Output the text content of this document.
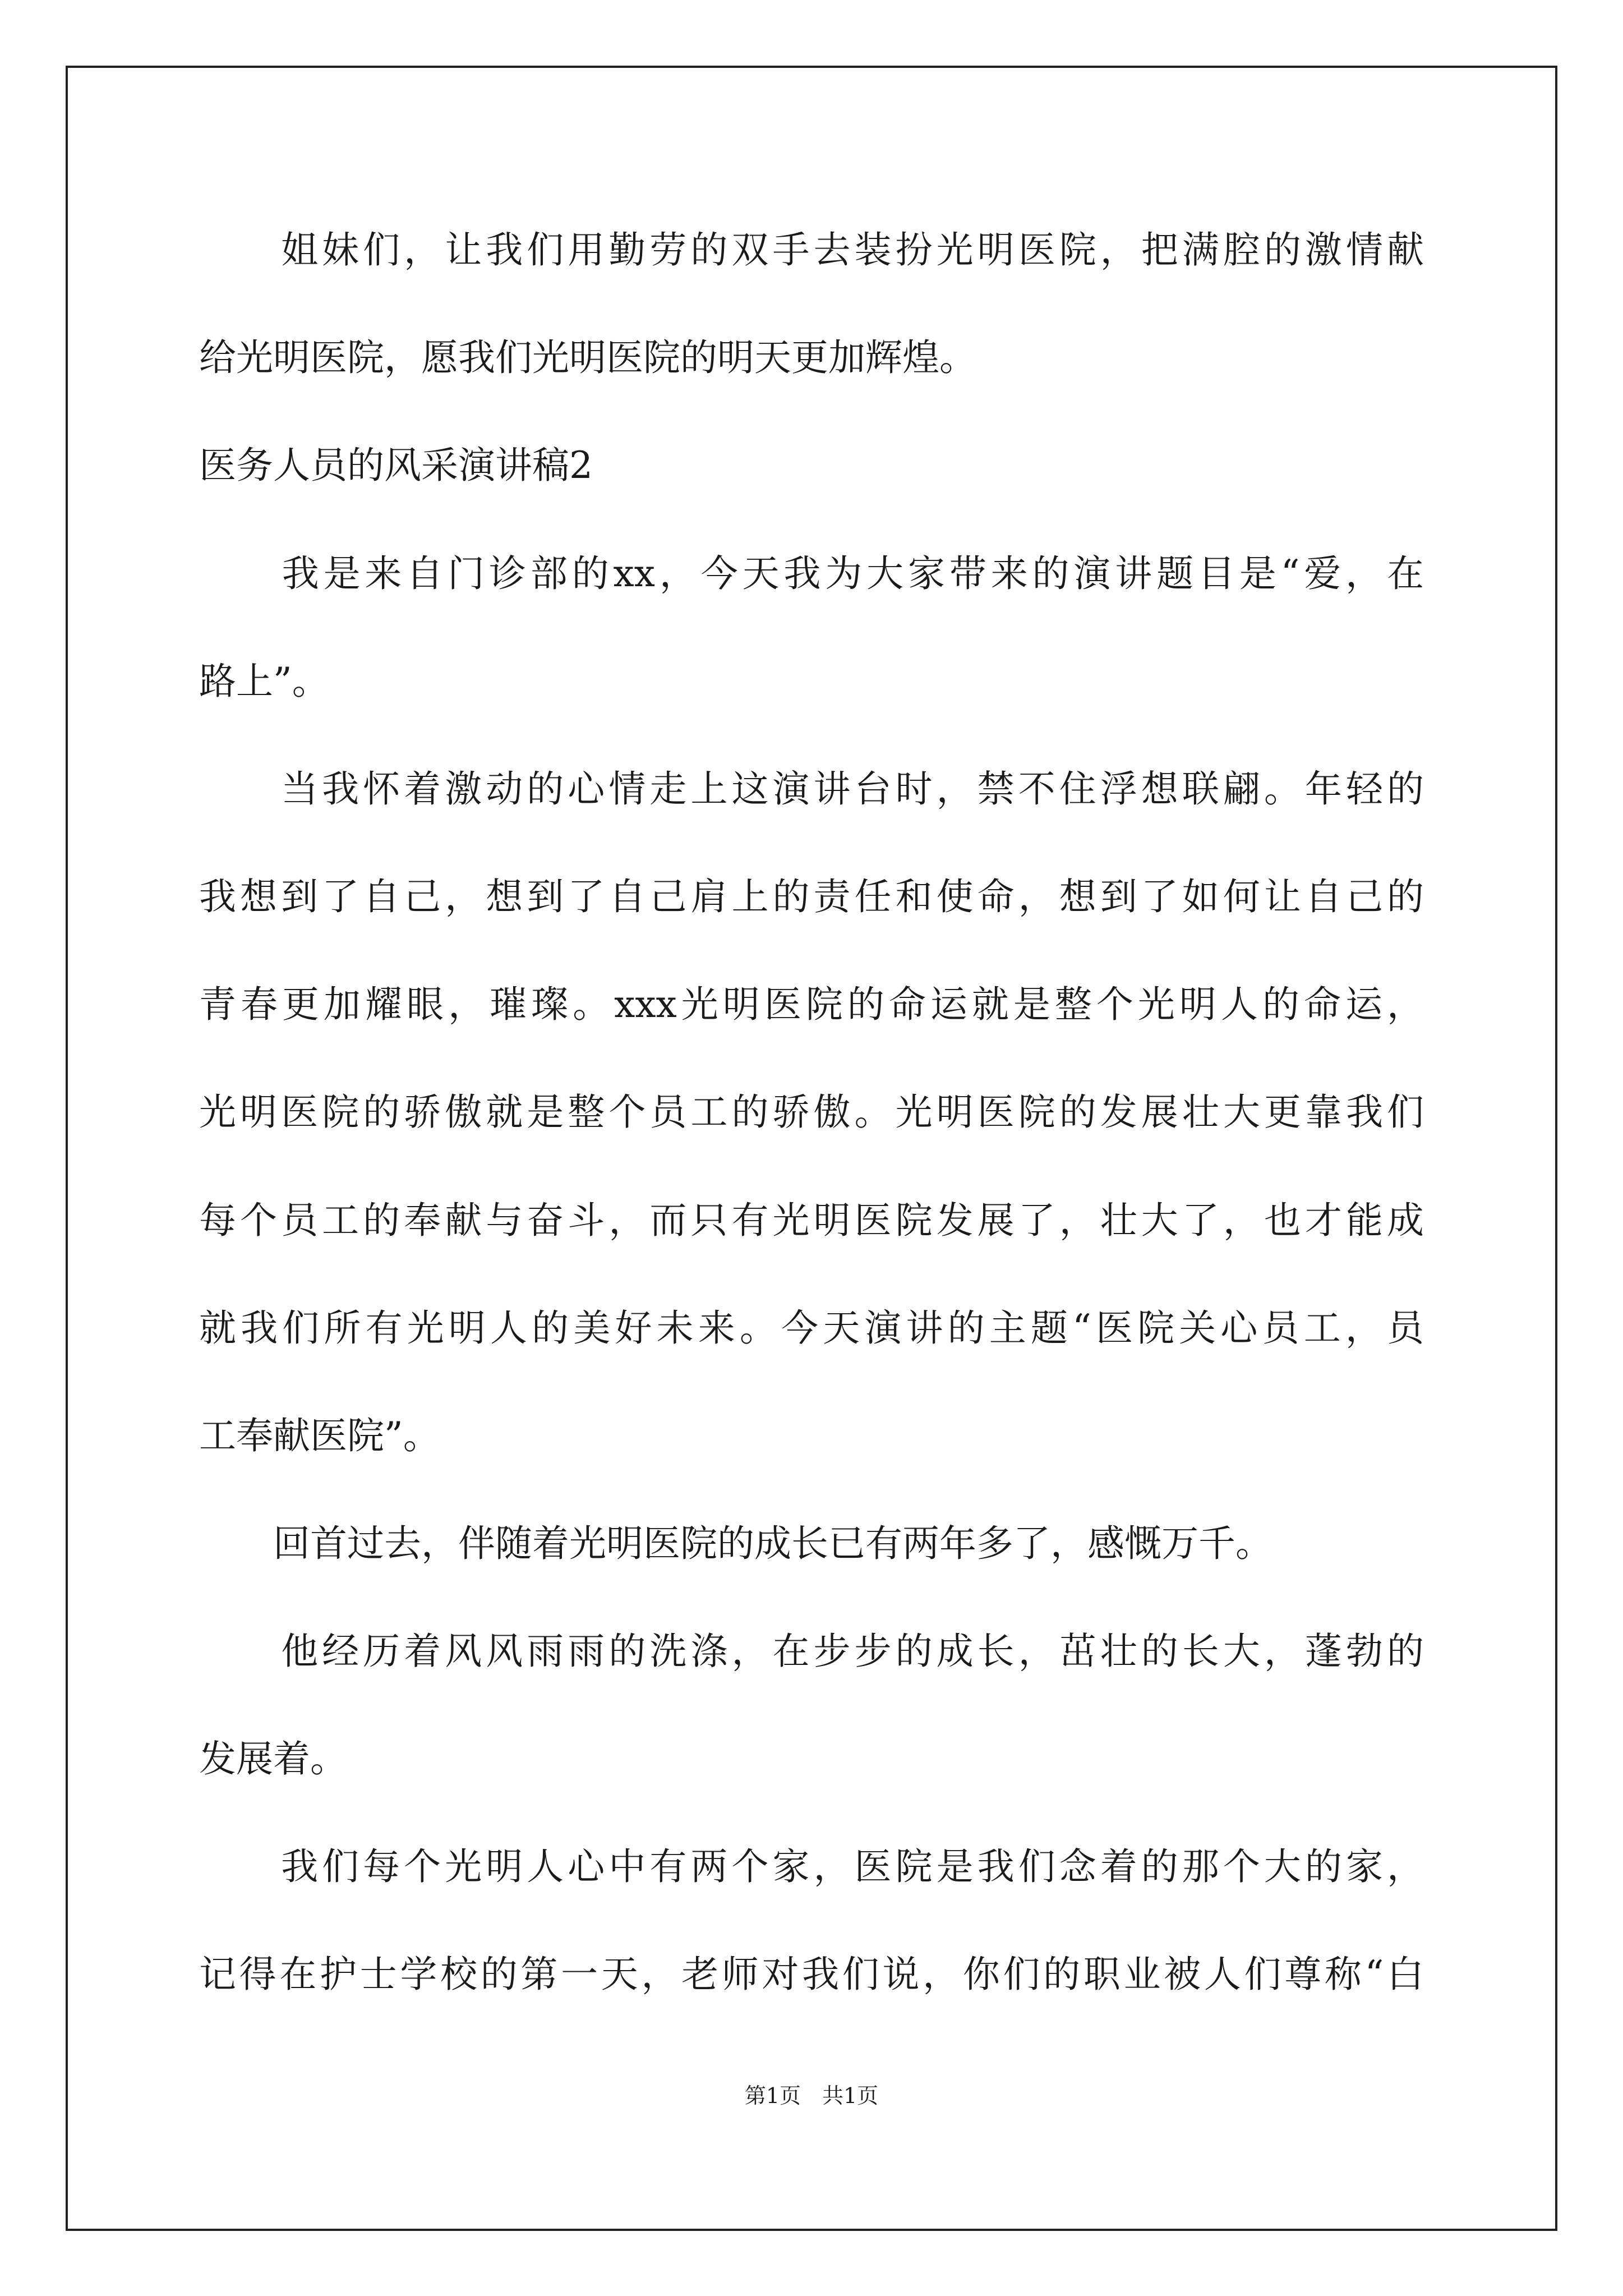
　　姐妹们，让我们用勤劳的双手去装扮光明医院，把满腔的激情献
给光明医院，愿我们光明医院的明天更加辉煌。
医务人员的风采演讲稿2
　　我是来自门诊部的xx，今天我为大家带来的演讲题目是“爱，在
路上”。
　　当我怀着激动的心情走上这演讲台时，禁不住浮想联翩。年轻的
我想到了自己，想到了自己肩上的责任和使命，想到了如何让自己的
青春更加耀眼，璀璨。xxx光明医院的命运就是整个光明人的命运，
光明医院的骄傲就是整个员工的骄傲。光明医院的发展壮大更靠我们
每个员工的奉献与奋斗，而只有光明医院发展了，壮大了，也才能成
就我们所有光明人的美好未来。今天演讲的主题“医院关心员工，员
工奉献医院”。
　　回首过去，伴随着光明医院的成长已有两年多了，感慨万千。
　　他经历着风风雨雨的洗涤，在步步的成长，茁壮的长大，蓬勃的
发展着。
　　我们每个光明人心中有两个家，医院是我们念着的那个大的家，
记得在护士学校的第一天，老师对我们说，你们的职业被人们尊称“白
第1页　共1页
